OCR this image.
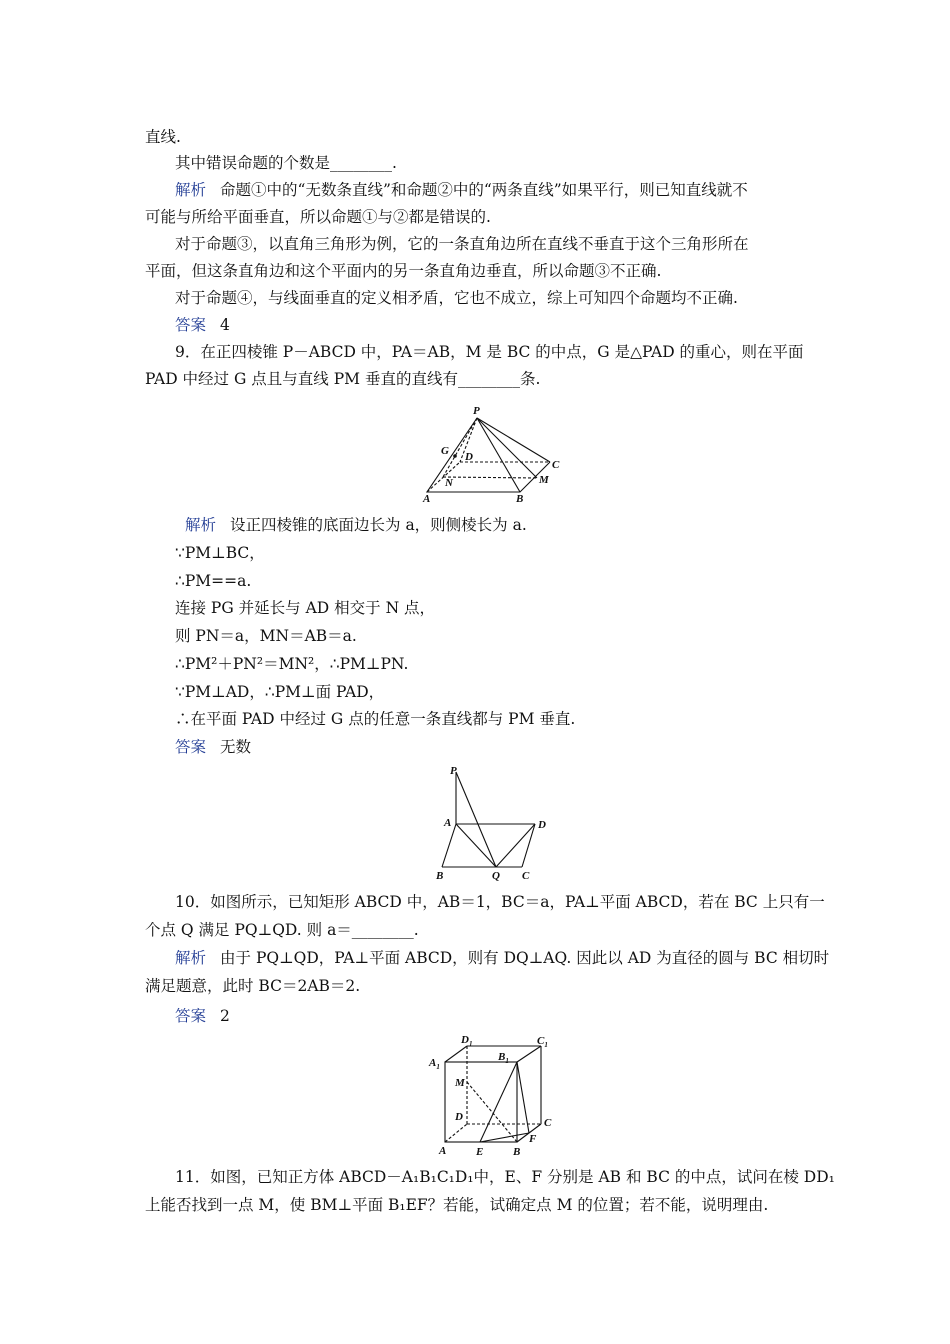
直线.
其中错误命题的个数是________.
解析 命题①中的“无数条直线”和命题②中的“两条直线”如果平行，则已知直线就不
可能与所给平面垂直，所以命题①与②都是错误的.
对于命题③，以直角三角形为例，它的一条直角边所在直线不垂直于这个三角形所在
平面，但这条直角边和这个平面内的另一条直角边垂直，所以命题③不正确.
对于命题④，与线面垂直的定义相矛盾，它也不成立，综上可知四个命题均不正确.
答案 4
9．在正四棱锥 P－ABCD 中，PA＝AB，M 是 BC 的中点，G 是△PAD 的重心，则在平面
PAD 中经过 G 点且与直线 PM 垂直的直线有________条.
P
G D
C
N	M
A	B
解析 设正四棱锥的底面边长为 a，则侧棱长为 a.
∵PM⊥BC，
∴PM==a.
连接 PG 并延长与 AD 相交于 N 点，
则 PN＝a，MN＝AB＝a.
∴PM²＋PN²＝MN²，∴PM⊥PN.
∵PM⊥AD，∴PM⊥面 PAD，
∴在平面 PAD 中经过 G 点的任意一条直线都与 PM 垂直.
答案 无数
P
A	D
B	Q C
10．如图所示，已知矩形 ABCD 中，AB＝1，BC＝a，PA⊥平面 ABCD，若在 BC 上只有一
个点 Q 满足 PQ⊥QD. 则 a＝________.
解析 由于 PQ⊥QD，PA⊥平面 ABCD，则有 DQ⊥AQ. 因此以 AD 为直径的圆与 BC 相切时
满足题意，此时 BC＝2AB＝2.
答案 2
$D_1$	$C_1$
$A_1$
$B_1$
M
D	C
A	E	B
F
11．如图，已知正方体 ABCD－A₁B₁C₁D₁中，E、F 分别是 AB 和 BC 的中点，试问在棱 DD₁
上能否找到一点 M，使 BM⊥平面 B₁EF？若能，试确定点 M 的位置；若不能，说明理由.
